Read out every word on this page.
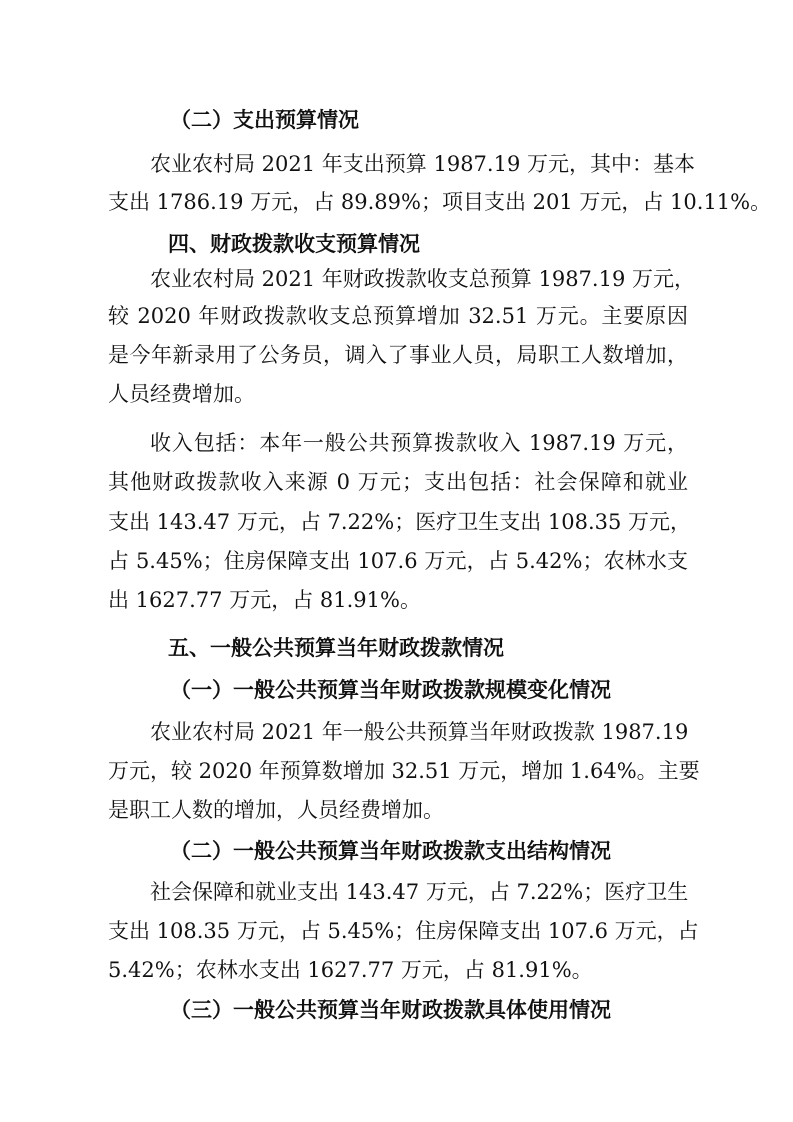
（二）支出预算情况
农业农村局 2021 年支出预算 1987.19 万元，其中：基本
支出 1786.19 万元，占 89.89%；项目支出 201 万元，占 10.11%。
四、财政拨款收支预算情况
农业农村局 2021 年财政拨款收支总预算 1987.19 万元，
较 2020 年财政拨款收支总预算增加 32.51 万元。主要原因
是今年新录用了公务员，调入了事业人员，局职工人数增加，
人员经费增加。
收入包括：本年一般公共预算拨款收入 1987.19 万元，
其他财政拨款收入来源 0 万元；支出包括：社会保障和就业
支出 143.47 万元，占 7.22%；医疗卫生支出 108.35 万元，
占 5.45%；住房保障支出 107.6 万元，占 5.42%；农林水支
出 1627.77 万元，占 81.91%。
五、一般公共预算当年财政拨款情况
（一）一般公共预算当年财政拨款规模变化情况
农业农村局 2021 年一般公共预算当年财政拨款 1987.19
万元，较 2020 年预算数增加 32.51 万元，增加 1.64%。主要
是职工人数的增加，人员经费增加。
（二）一般公共预算当年财政拨款支出结构情况
社会保障和就业支出 143.47 万元，占 7.22%；医疗卫生
支出 108.35 万元，占 5.45%；住房保障支出 107.6 万元，占
5.42%；农林水支出 1627.77 万元，占 81.91%。
（三）一般公共预算当年财政拨款具体使用情况
